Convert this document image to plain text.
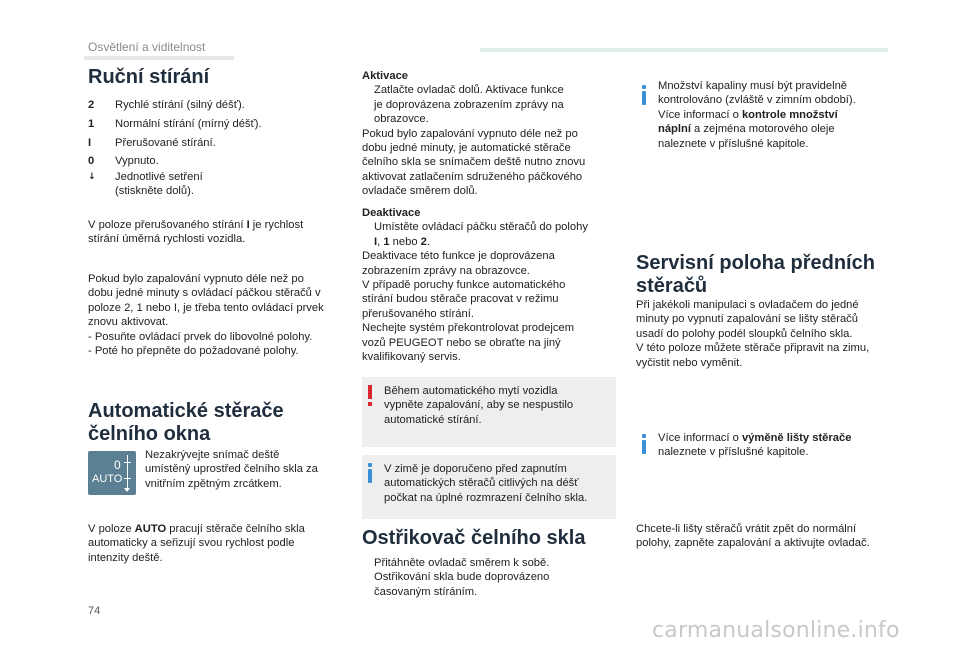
Osvětlení a viditelnost
Ruční stírání
2	Rychlé stírání (silný déšť).
1	Normální stírání (mírný déšť).
I	Přerušované stírání.
0	Vypnuto.
↓	Jednotlivé setření
(stiskněte dolů).
V poloze přerušovaného stírání I je rychlost
stírání úměrná rychlosti vozidla.
Pokud bylo zapalování vypnuto déle než po
dobu jedné minuty s ovládací páčkou stěračů v
poloze 2, 1 nebo I, je třeba tento ovládací prvek
znovu aktivovat.
- Posuňte ovládací prvek do libovolné polohy.
- Poté ho přepněte do požadované polohy.
Automatické stěrače
čelního okna
0
AUTO
Nezakrývejte snímač deště
umístěný uprostřed čelního skla za
vnitřním zpětným zrcátkem.
V poloze AUTO pracují stěrače čelního skla
automaticky a seřizují svou rychlost podle
intenzity deště.
Aktivace
Zatlačte ovladač dolů. Aktivace funkce
je doprovázena zobrazením zprávy na
obrazovce.
Pokud bylo zapalování vypnuto déle než po
dobu jedné minuty, je automatické stěrače
čelního skla se snímačem deště nutno znovu
aktivovat zatlačením sdruženého páčkového
ovladače směrem dolů.
Deaktivace
Umístěte ovládací páčku stěračů do polohy
I, 1 nebo 2.
Deaktivace této funkce je doprovázena
zobrazením zprávy na obrazovce.
V případě poruchy funkce automatického
stírání budou stěrače pracovat v režimu
přerušovaného stírání.
Nechejte systém překontrolovat prodejcem
vozů PEUGEOT nebo se obraťte na jiný
kvalifikovaný servis.
Během automatického mytí vozidla
vypněte zapalování, aby se nespustilo
automatické stírání.
V zimě je doporučeno před zapnutím
automatických stěračů citlivých na déšť
počkat na úplné rozmrazení čelního skla.
Ostřikovač čelního skla
Přitáhněte ovladač směrem k sobě.
Ostřikování skla bude doprovázeno
časovaným stíráním.
Množství kapaliny musí být pravidelně
kontrolováno (zvláště v zimním období).
Více informací o kontrole množství
náplní a zejména motorového oleje
naleznete v příslušné kapitole.
Servisní poloha předních
stěračů
Při jakékoli manipulaci s ovladačem do jedné
minuty po vypnutí zapalování se lišty stěračů
usadí do polohy podél sloupků čelního skla.
V této poloze můžete stěrače připravit na zimu,
vyčistit nebo vyměnit.
Více informací o výměně lišty stěrače
naleznete v příslušné kapitole.
Chcete-li lišty stěračů vrátit zpět do normální
polohy, zapněte zapalování a aktivujte ovladač.
74
carmanualsonline.info
